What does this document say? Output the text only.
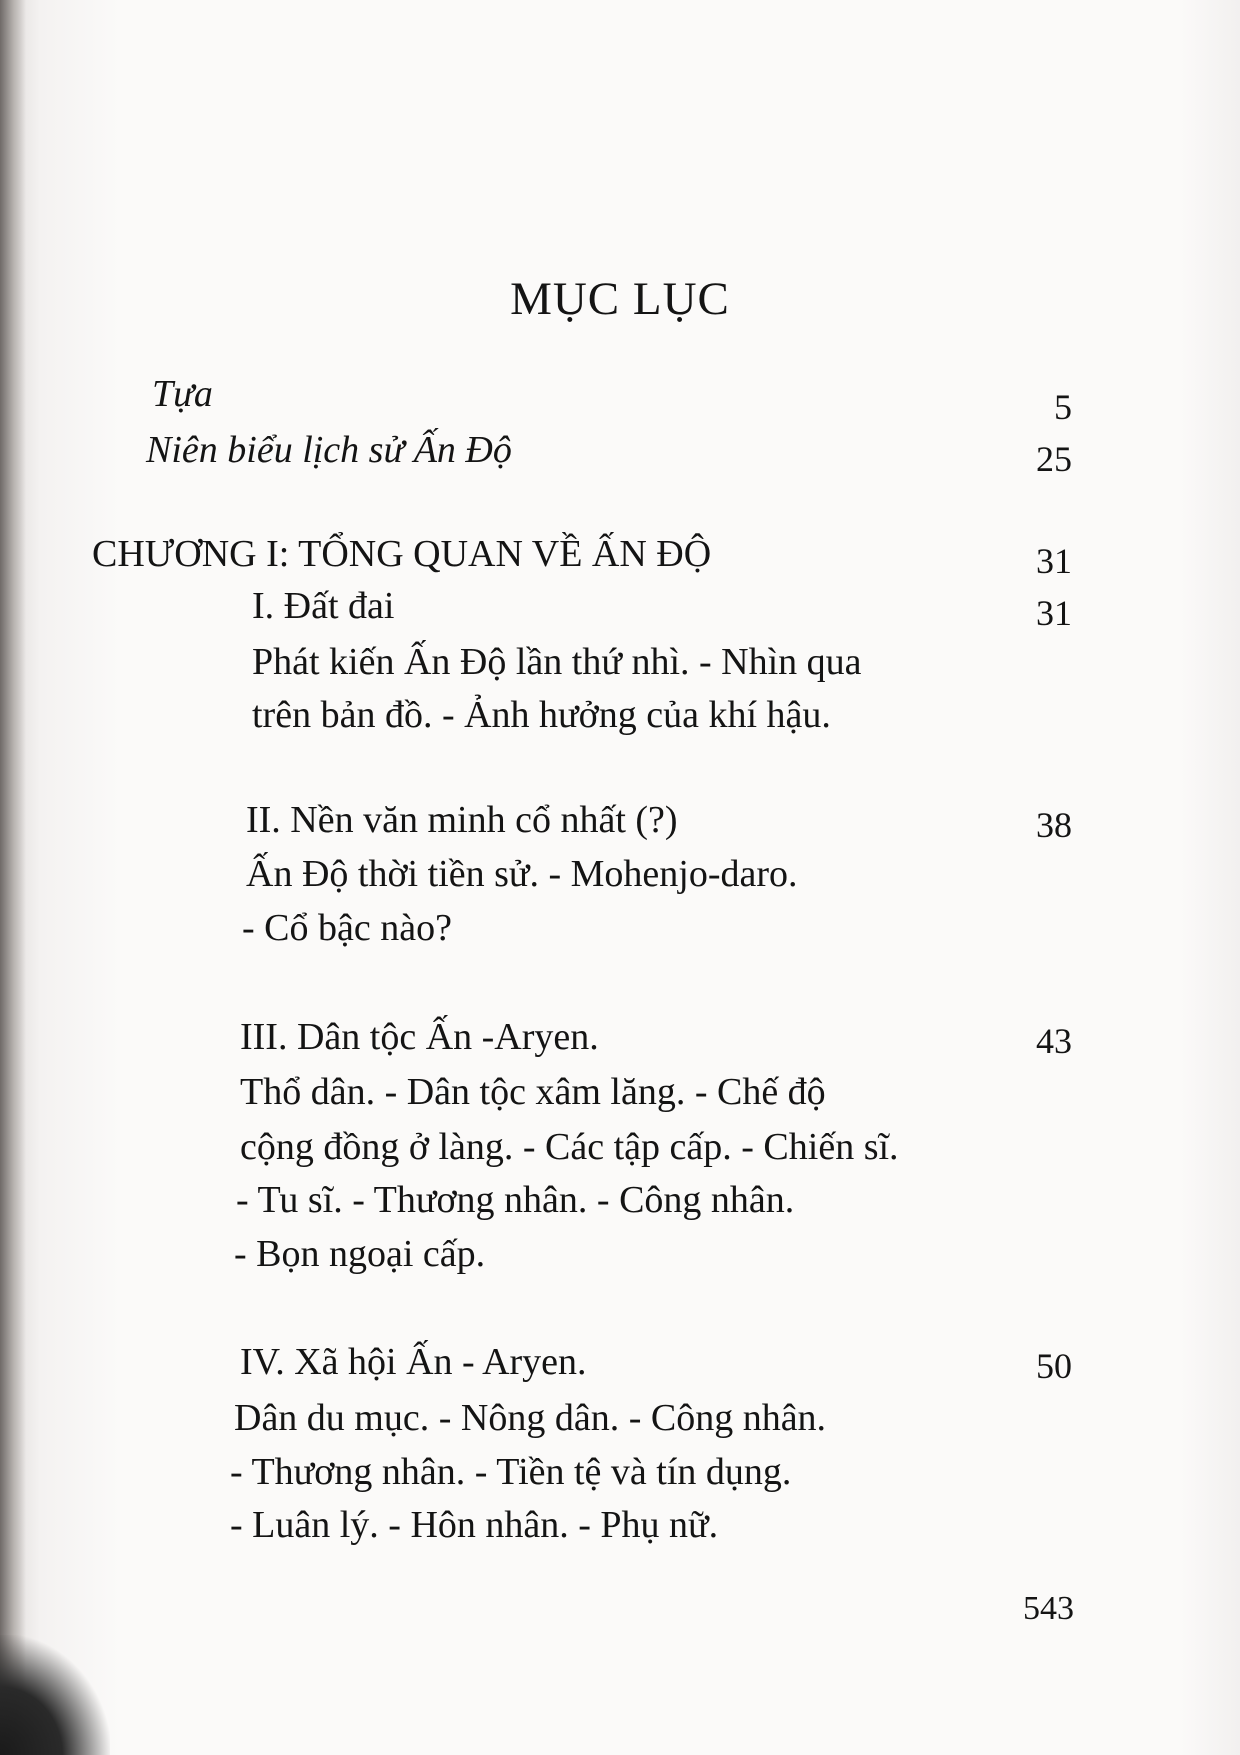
MỤC LỤC
Tựa	5
Niên biểu lịch sử Ấn Độ	25
CHƯƠNG I: TỔNG QUAN VỀ ẤN ĐỘ	31
I. Đất đai	31
Phát kiến Ấn Độ lần thứ nhì. - Nhìn qua
trên bản đồ. - Ảnh hưởng của khí hậu.
II. Nền văn minh cổ nhất (?)	38
Ấn Độ thời tiền sử. - Mohenjo-daro.
- Cổ bậc nào?
III. Dân tộc Ấn -Aryen.	43
Thổ dân. - Dân tộc xâm lăng. - Chế độ
cộng đồng ở làng. - Các tập cấp. - Chiến sĩ.
- Tu sĩ. - Thương nhân. - Công nhân.
- Bọn ngoại cấp.
IV. Xã hội Ấn - Aryen.	50
Dân du mục. - Nông dân. - Công nhân.
- Thương nhân. - Tiền tệ và tín dụng.
- Luân lý. - Hôn nhân. - Phụ nữ.
543
